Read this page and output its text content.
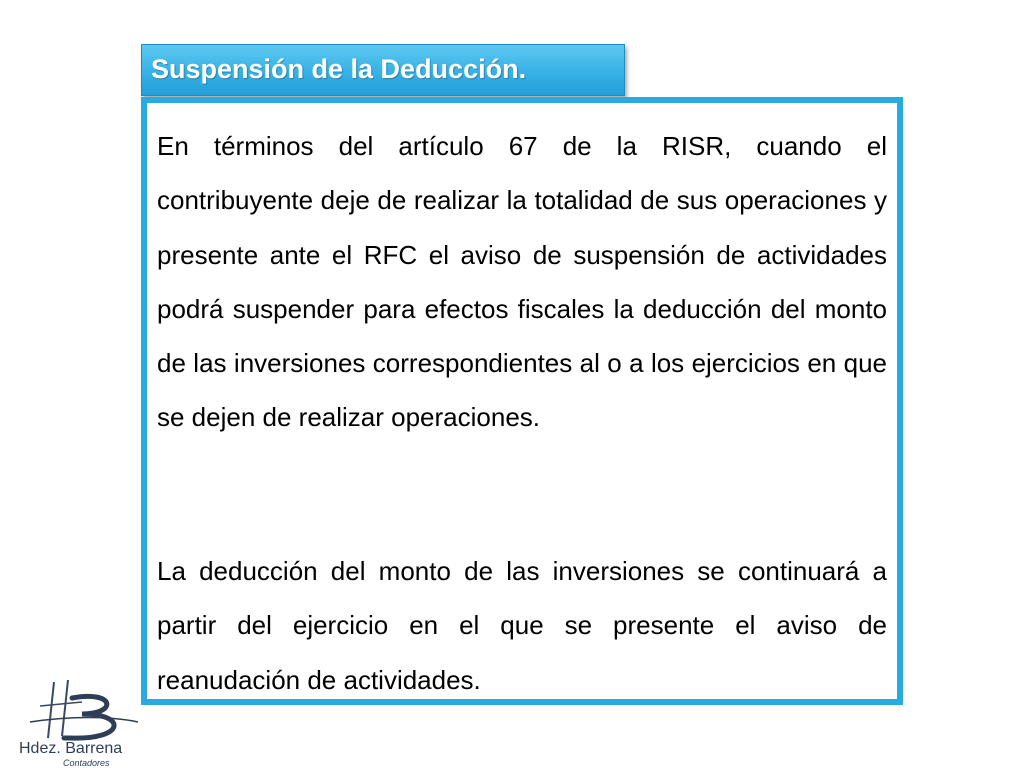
Suspensión de la Deducción.

En términos del artículo 67 de la RISR, cuando el contribuyente deje de realizar la totalidad de sus operaciones y presente ante el RFC el aviso de suspensión de actividades podrá suspender para efectos fiscales la deducción del monto de las inversiones correspondientes al o a los ejercicios en que se dejen de realizar operaciones.

La deducción del monto de las inversiones se continuará a partir del ejercicio en el que se presente el aviso de reanudación de actividades.

Hdez. Barrena
Contadores
